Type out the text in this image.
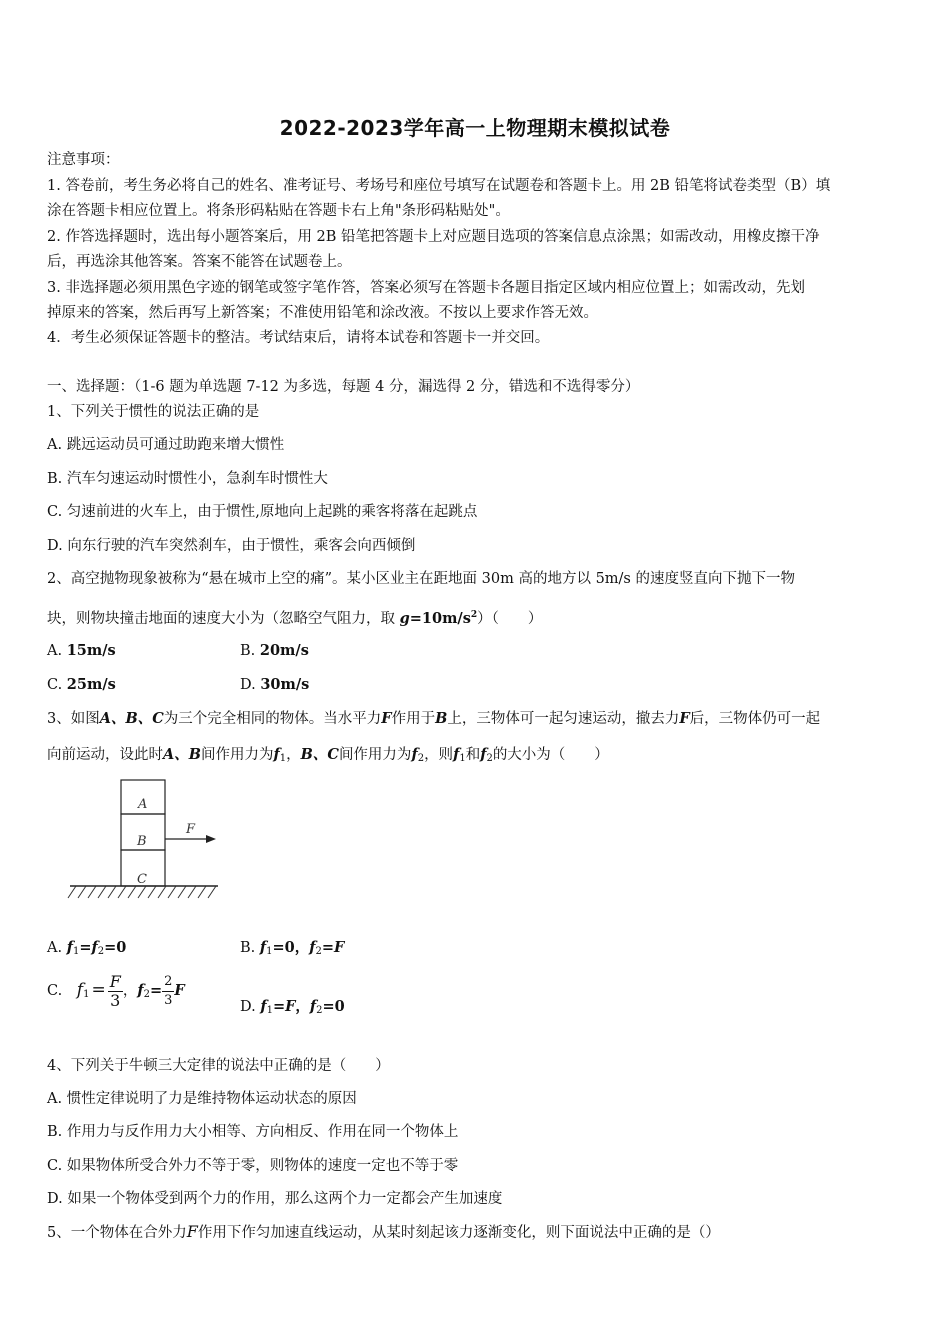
2022-2023学年高一上物理期末模拟试卷
注意事项：
1. 答卷前，考生务必将自己的姓名、准考证号、考场号和座位号填写在试题卷和答题卡上。用 2B 铅笔将试卷类型（B）填
涂在答题卡相应位置上。将条形码粘贴在答题卡右上角"条形码粘贴处"。
2. 作答选择题时，选出每小题答案后，用 2B 铅笔把答题卡上对应题目选项的答案信息点涂黑；如需改动，用橡皮擦干净
后，再选涂其他答案。答案不能答在试题卷上。
3. 非选择题必须用黑色字迹的钢笔或签字笔作答，答案必须写在答题卡各题目指定区域内相应位置上；如需改动，先划
掉原来的答案，然后再写上新答案；不准使用铅笔和涂改液。不按以上要求作答无效。
4．考生必须保证答题卡的整洁。考试结束后，请将本试卷和答题卡一并交回。
一、选择题：（1-6 题为单选题 7-12 为多选，每题 4 分，漏选得 2 分，错选和不选得零分）
1、下列关于惯性的说法正确的是
A. 跳远运动员可通过助跑来增大惯性
B. 汽车匀速运动时惯性小，急刹车时惯性大
C. 匀速前进的火车上，由于惯性,原地向上起跳的乘客将落在起跳点
D. 向东行驶的汽车突然刹车，由于惯性，乘客会向西倾倒
2、高空抛物现象被称为“悬在城市上空的痛”。某小区业主在距地面 30m 高的地方以 5m/s 的速度竖直向下抛下一物
块，则物块撞击地面的速度大小为（忽略空气阻力，取 $g=10m/s^2$）（　　）
A. 15m/s	B. 20m/s
C. 25m/s	D. 30m/s
3、如图A、B、C为三个完全相同的物体。当水平力F作用于B上，三物体可一起匀速运动，撤去力F后，三物体仍可一起
向前运动，设此时A、B间作用力为$f_1$，B、C间作用力为$f_2$，则$f_1$和$f_2$的大小为（　　）
A
B
C
F
A. $f_1=f_2=0$	B. $f_1=0$，$f_2=F$
C. $f_1 = \frac{F}{3}$ ，$f_2= \frac{2}{3}$ F
D. $f_1=F$，$f_2=0$
4、下列关于牛顿三大定律的说法中正确的是（　　）
A. 惯性定律说明了力是维持物体运动状态的原因
B. 作用力与反作用力大小相等、方向相反、作用在同一个物体上
C. 如果物体所受合外力不等于零，则物体的速度一定也不等于零
D. 如果一个物体受到两个力的作用，那么这两个力一定都会产生加速度
5、一个物体在合外力F作用下作匀加速直线运动，从某时刻起该力逐渐变化，则下面说法中正确的是（）
